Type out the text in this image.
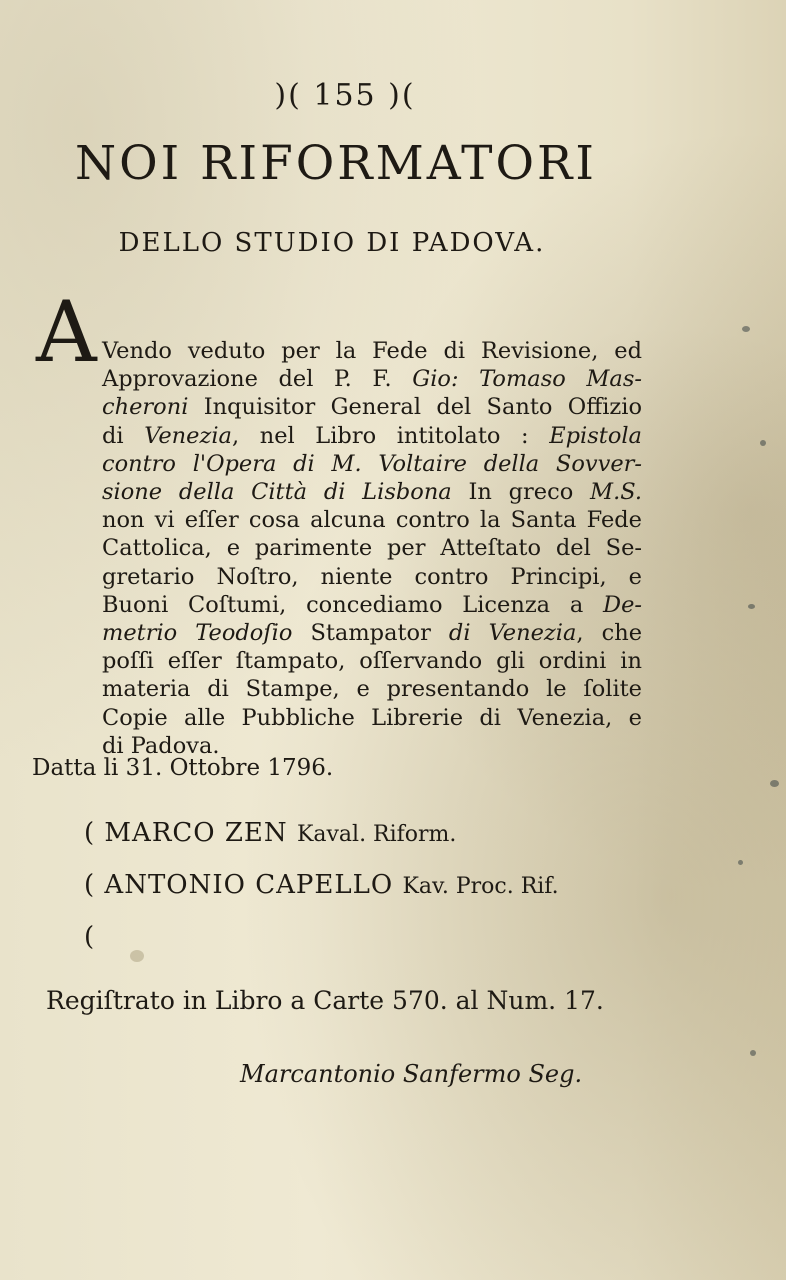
)( 155 )(
NOI RIFORMATORI
DELLO STUDIO DI PADOVA.
A Vendo veduto per la Fede di Revisione, ed
Approvazione del P. F. Gio: Tomaso Mas-
cheroni Inquisitor General del Santo Offizio
di Venezia, nel Libro intitolato : Epistola
contro l'Opera di M. Voltaire della Sovver-
sione della Città di Lisbona In greco M.S.
non vi eſſer cosa alcuna contro la Santa Fede
Cattolica, e parimente per Atteſtato del Se-
gretario Noſtro, niente contro Principi, e
Buoni Coſtumi, concediamo Licenza a De-
metrio Teodoſio Stampator di Venezia, che
poſſi eſſer ſtampato, oſſervando gli ordini in
materia di Stampe, e presentando le ſolite
Copie alle Pubbliche Librerie di Venezia, e
di Padova.
Datta li 31. Ottobre 1796.
( MARCO ZEN Kaval. Riform.
( ANTONIO CAPELLO Kav. Proc. Rif.
(
Regiſtrato in Libro a Carte 570. al Num. 17.
Marcantonio Sanfermo Seg.
